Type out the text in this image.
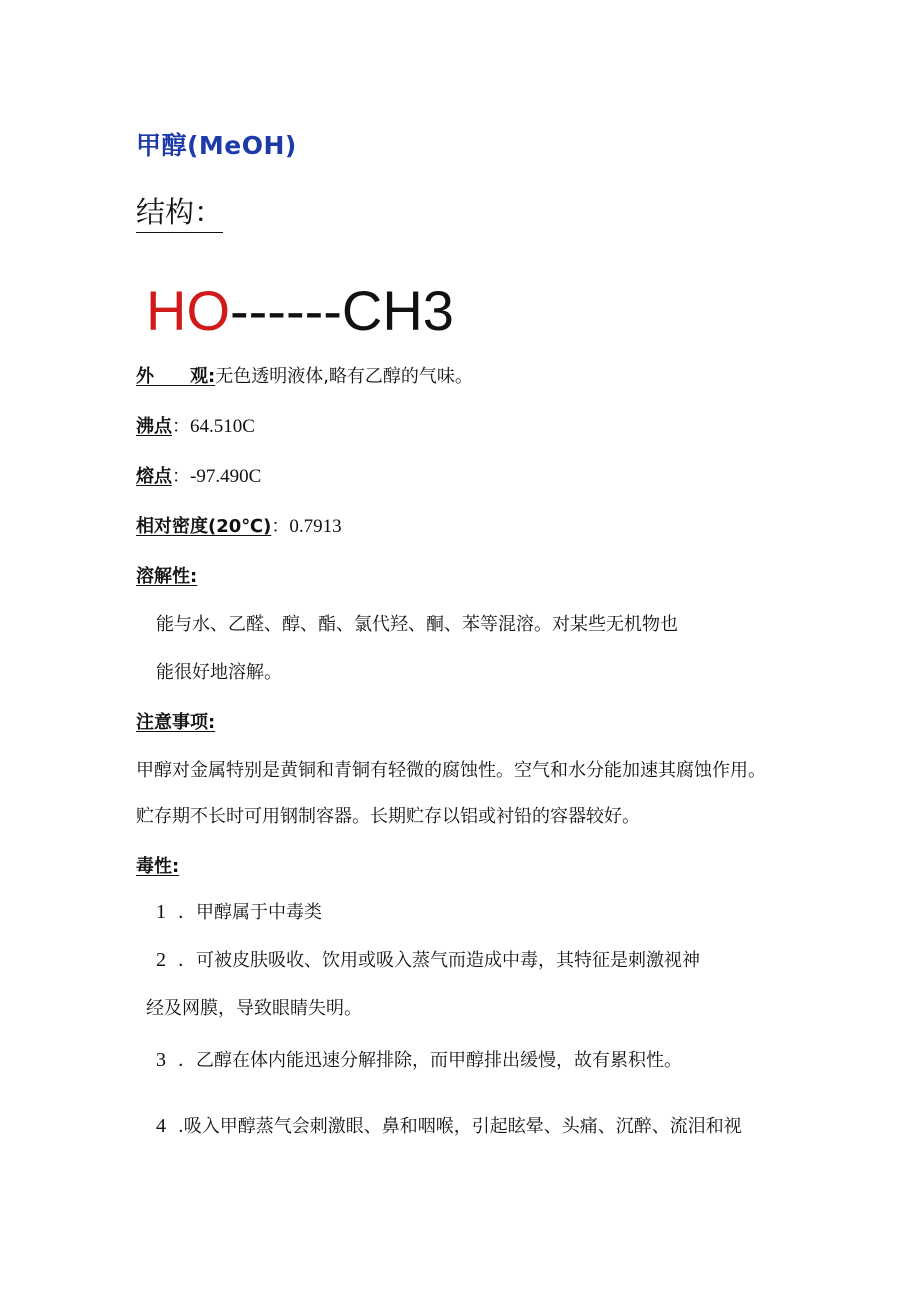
甲醇(MeOH)
结构：
HO------CH3
外　　观:无色透明液体,略有乙醇的气味。
沸点：64.510C
熔点：-97.490C
相对密度(20℃)：0.7913
溶解性:
能与水、乙醛、醇、酯、氯代羟、酮、苯等混溶。对某些无机物也
能很好地溶解。
注意事项:
甲醇对金属特别是黄铜和青铜有轻微的腐蚀性。空气和水分能加速其腐蚀作用。
贮存期不长时可用钢制容器。长期贮存以铝或衬铅的容器较好。
毒性:
1 ．甲醇属于中毒类
2 ．可被皮肤吸收、饮用或吸入蒸气而造成中毒，其特征是刺激视神
经及网膜，导致眼睛失明。
3 ．乙醇在体内能迅速分解排除，而甲醇排出缓慢，故有累积性。
4 .吸入甲醇蒸气会刺激眼、鼻和咽喉，引起眩晕、头痛、沉醉、流泪和视
